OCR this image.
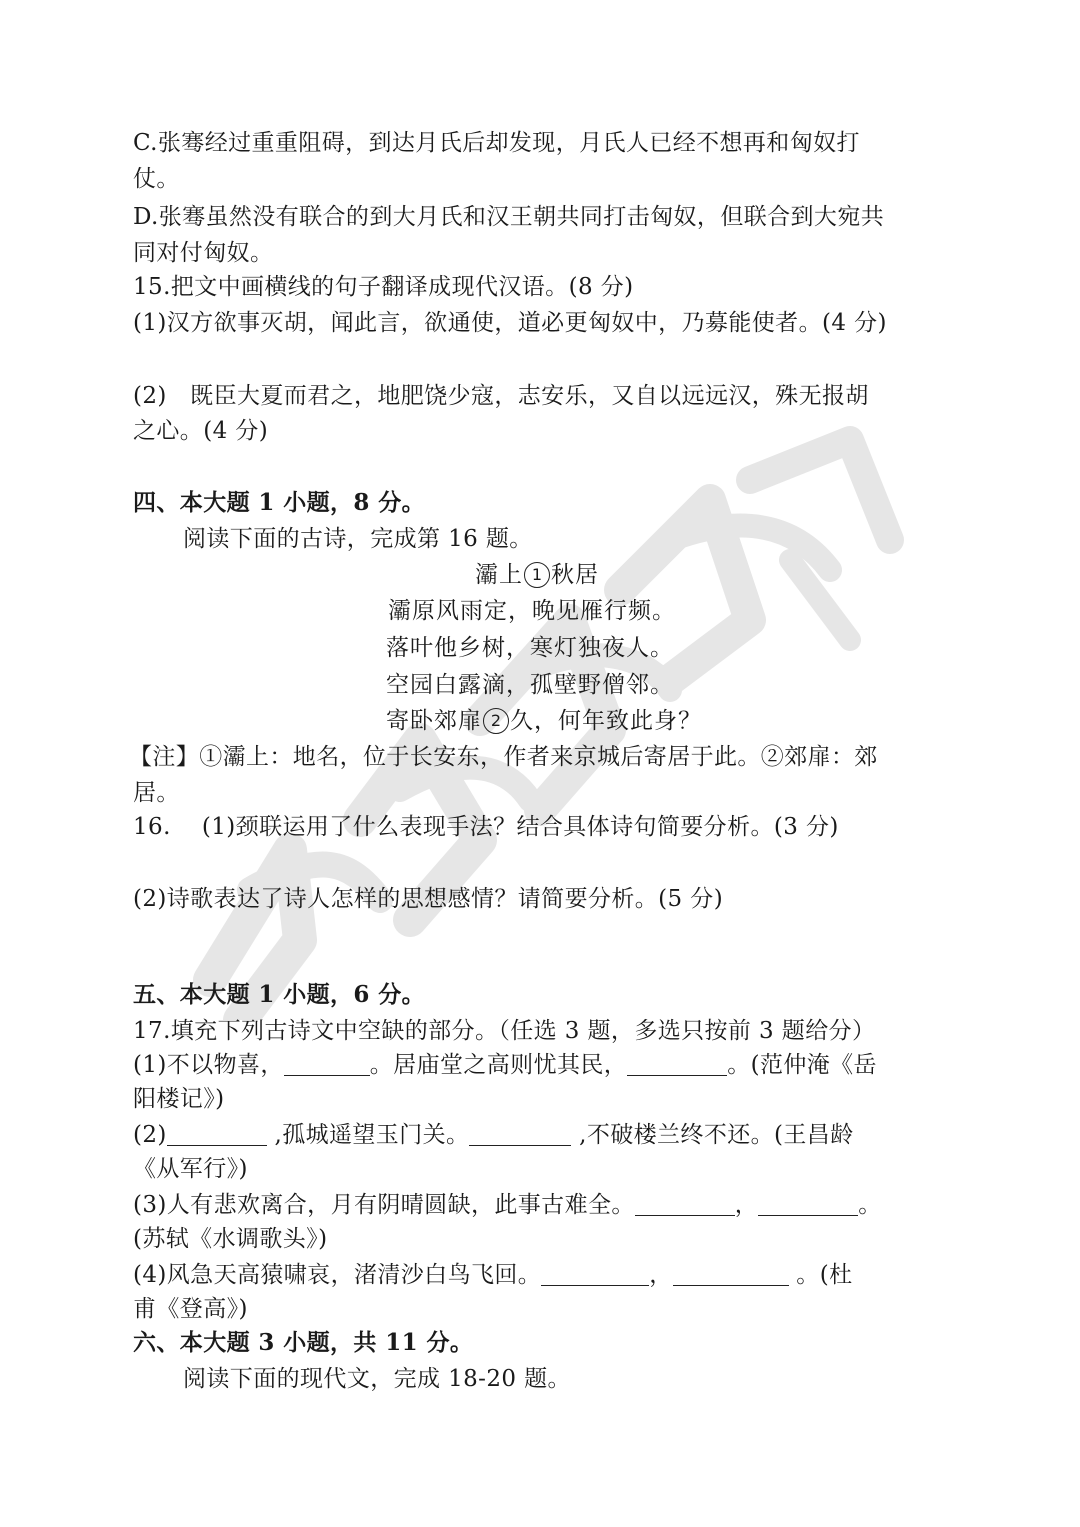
C.张骞经过重重阻碍，到达月氏后却发现，月氏人已经不想再和匈奴打
仗。
D.张骞虽然没有联合的到大月氏和汉王朝共同打击匈奴，但联合到大宛共
同对付匈奴。
15.把文中画横线的句子翻译成现代汉语。(8 分)
(1)汉方欲事灭胡，闻此言，欲通使，道必更匈奴中，乃募能使者。(4 分)
(2)　既臣大夏而君之，地肥饶少寇，志安乐，又自以远远汉，殊无报胡
之心。(4 分)
四、本大题 1 小题，8 分。
阅读下面的古诗，完成第 16 题。
灞上 1 秋居
灞原风雨定，晚见雁行频。
落叶他乡树，寒灯独夜人。
空园白露滴，孤壁野僧邻。
寄卧郊扉 2 久，何年致此身？
【注】①灞上：地名，位于长安东，作者来京城后寄居于此。②郊扉：郊
居。
16.　 (1)颈联运用了什么表现手法？结合具体诗句简要分析。(3 分)
(2)诗歌表达了诗人怎样的思想感情？请简要分析。(5 分)
五、本大题 1 小题，6 分。
17.填充下列古诗文中空缺的部分。（任选 3 题，多选只按前 3 题给分）
(1)不以物喜，	。居庙堂之高则忧其民，	。(范仲淹《岳
阳楼记》)
(2)	,孤城遥望玉门关。	,不破楼兰终不还。(王昌龄
《从军行》)
(3)人有悲欢离合，月有阴晴圆缺，此事古难全。	，	。
(苏轼《水调歌头》)
(4)风急天高猿啸哀，渚清沙白鸟飞回。	，	。(杜
甫《登高》)
六、本大题 3 小题，共 11 分。
阅读下面的现代文，完成 18-20 题。
